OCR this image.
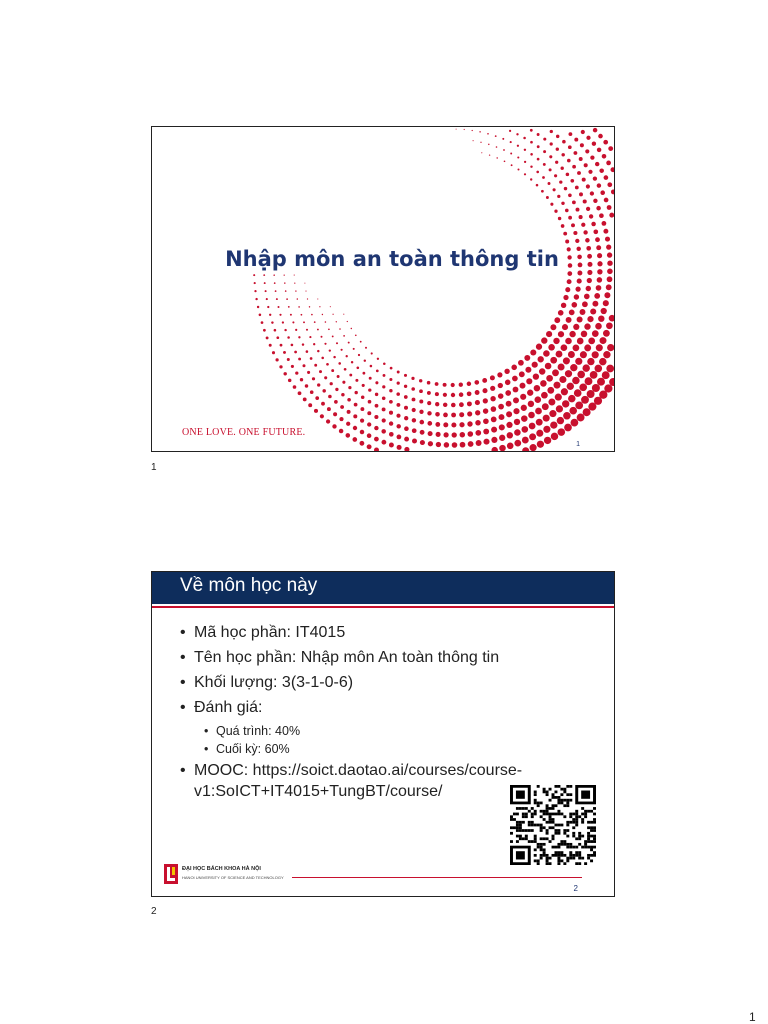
Nhập môn an toàn thông tin
ONE LOVE. ONE FUTURE.
1
1
Về môn học này
• Mã học phần: IT4015
• Tên học phần: Nhập môn An toàn thông tin
• Khối lượng: 3(3-1-0-6)
• Đánh giá:
• Quá trình: 40%
• Cuối kỳ: 60%
• MOOC: https://soict.daotao.ai/courses/course-v1:SoICT+IT4015+TungBT/course/
ĐẠI HỌC BÁCH KHOA HÀ NỘI
HANOI UNIVERSITY OF SCIENCE AND TECHNOLOGY
2
2
1
